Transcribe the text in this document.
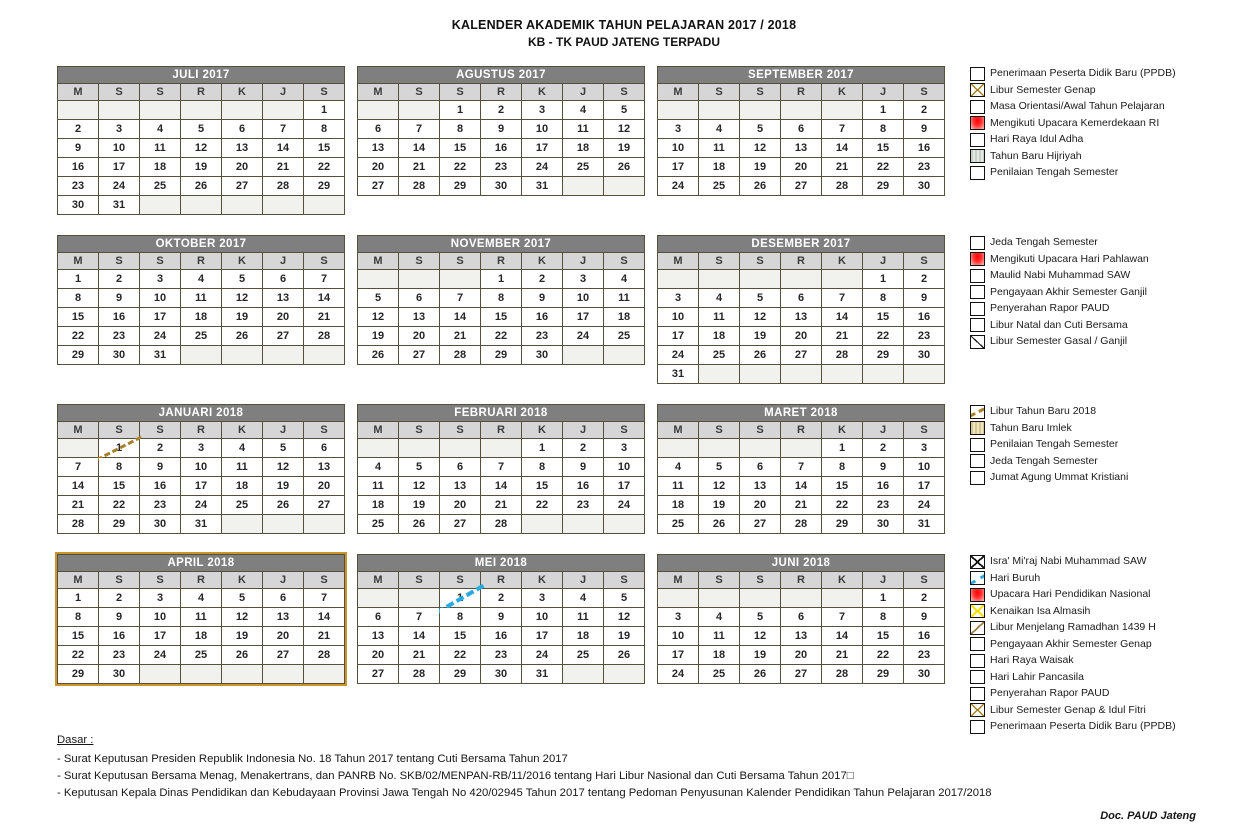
KALENDER AKADEMIK TAHUN PELAJARAN 2017 / 2018
KB - TK PAUD JATENG TERPADU
JULI 2017						
M	S	S	R	K	J	S
						1
2	3	4	5	6	7	8
9	10	11	12	13	14	15
16	17	18	19	20	21	22
23	24	25	26	27	28	29
30	31					
AGUSTUS 2017						
M	S	S	R	K	J	S
		1	2	3	4	5
6	7	8	9	10	11	12
13	14	15	16	17	18	19
20	21	22	23	24	25	26
27	28	29	30	31		
SEPTEMBER 2017						
M	S	S	R	K	J	S
					1	2
3	4	5	6	7	8	9
10	11	12	13	14	15	16
17	18	19	20	21	22	23
24	25	26	27	28	29	30
Penerimaan Peserta Didik Baru (PPDB)
Libur Semester Genap
Masa Orientasi/Awal Tahun Pelajaran
Mengikuti Upacara Kemerdekaan RI
Hari Raya Idul Adha
Tahun Baru Hijriyah
Penilaian Tengah Semester
OKTOBER 2017						
M	S	S	R	K	J	S
1	2	3	4	5	6	7
8	9	10	11	12	13	14
15	16	17	18	19	20	21
22	23	24	25	26	27	28
29	30	31				
NOVEMBER 2017						
M	S	S	R	K	J	S
			1	2	3	4
5	6	7	8	9	10	11
12	13	14	15	16	17	18
19	20	21	22	23	24	25
26	27	28	29	30		
DESEMBER 2017						
M	S	S	R	K	J	S
					1	2
3	4	5	6	7	8	9
10	11	12	13	14	15	16
17	18	19	20	21	22	23
24	25	26	27	28	29	30
31						
Jeda Tengah Semester
Mengikuti Upacara Hari Pahlawan
Maulid Nabi Muhammad SAW
Pengayaan Akhir Semester Ganjil
Penyerahan Rapor PAUD
Libur Natal dan Cuti Bersama
Libur Semester Gasal / Ganjil
JANUARI 2018						
M	S	S	R	K	J	S
	1	2	3	4	5	6
7	8	9	10	11	12	13
14	15	16	17	18	19	20
21	22	23	24	25	26	27
28	29	30	31			
FEBRUARI 2018						
M	S	S	R	K	J	S
				1	2	3
4	5	6	7	8	9	10
11	12	13	14	15	16	17
18	19	20	21	22	23	24
25	26	27	28			
MARET 2018						
M	S	S	R	K	J	S
				1	2	3
4	5	6	7	8	9	10
11	12	13	14	15	16	17
18	19	20	21	22	23	24
25	26	27	28	29	30	31
Libur Tahun Baru 2018
Tahun Baru Imlek
Penilaian Tengah Semester
Jeda Tengah Semester
Jumat Agung Ummat Kristiani
APRIL 2018						
M	S	S	R	K	J	S
1	2	3	4	5	6	7
8	9	10	11	12	13	14
15	16	17	18	19	20	21
22	23	24	25	26	27	28
29	30					
MEI 2018						
M	S	S	R	K	J	S
		1	2	3	4	5
6	7	8	9	10	11	12
13	14	15	16	17	18	19
20	21	22	23	24	25	26
27	28	29	30	31		
JUNI 2018						
M	S	S	R	K	J	S
					1	2
3	4	5	6	7	8	9
10	11	12	13	14	15	16
17	18	19	20	21	22	23
24	25	26	27	28	29	30
Isra' Mi'raj Nabi Muhammad SAW
Hari Buruh
Upacara Hari Pendidikan Nasional
Kenaikan Isa Almasih
Libur Menjelang Ramadhan 1439 H
Pengayaan Akhir Semester Genap
Hari Raya Waisak
Hari Lahir Pancasila
Penyerahan Rapor PAUD
Libur Semester Genap & Idul Fitri
Penerimaan Peserta Didik Baru (PPDB)
Dasar :
- Surat Keputusan Presiden Republik Indonesia No. 18 Tahun 2017 tentang Cuti Bersama Tahun 2017
- Surat Keputusan Bersama Menag, Menakertrans, dan PANRB No. SKB/02/MENPAN-RB/11/2016 tentang Hari Libur Nasional dan Cuti Bersama Tahun 2017□
- Keputusan Kepala Dinas Pendidikan dan Kebudayaan Provinsi Jawa Tengah No 420/02945 Tahun 2017 tentang Pedoman Penyusunan Kalender Pendidikan Tahun Pelajaran 2017/2018
Doc. PAUD Jateng
